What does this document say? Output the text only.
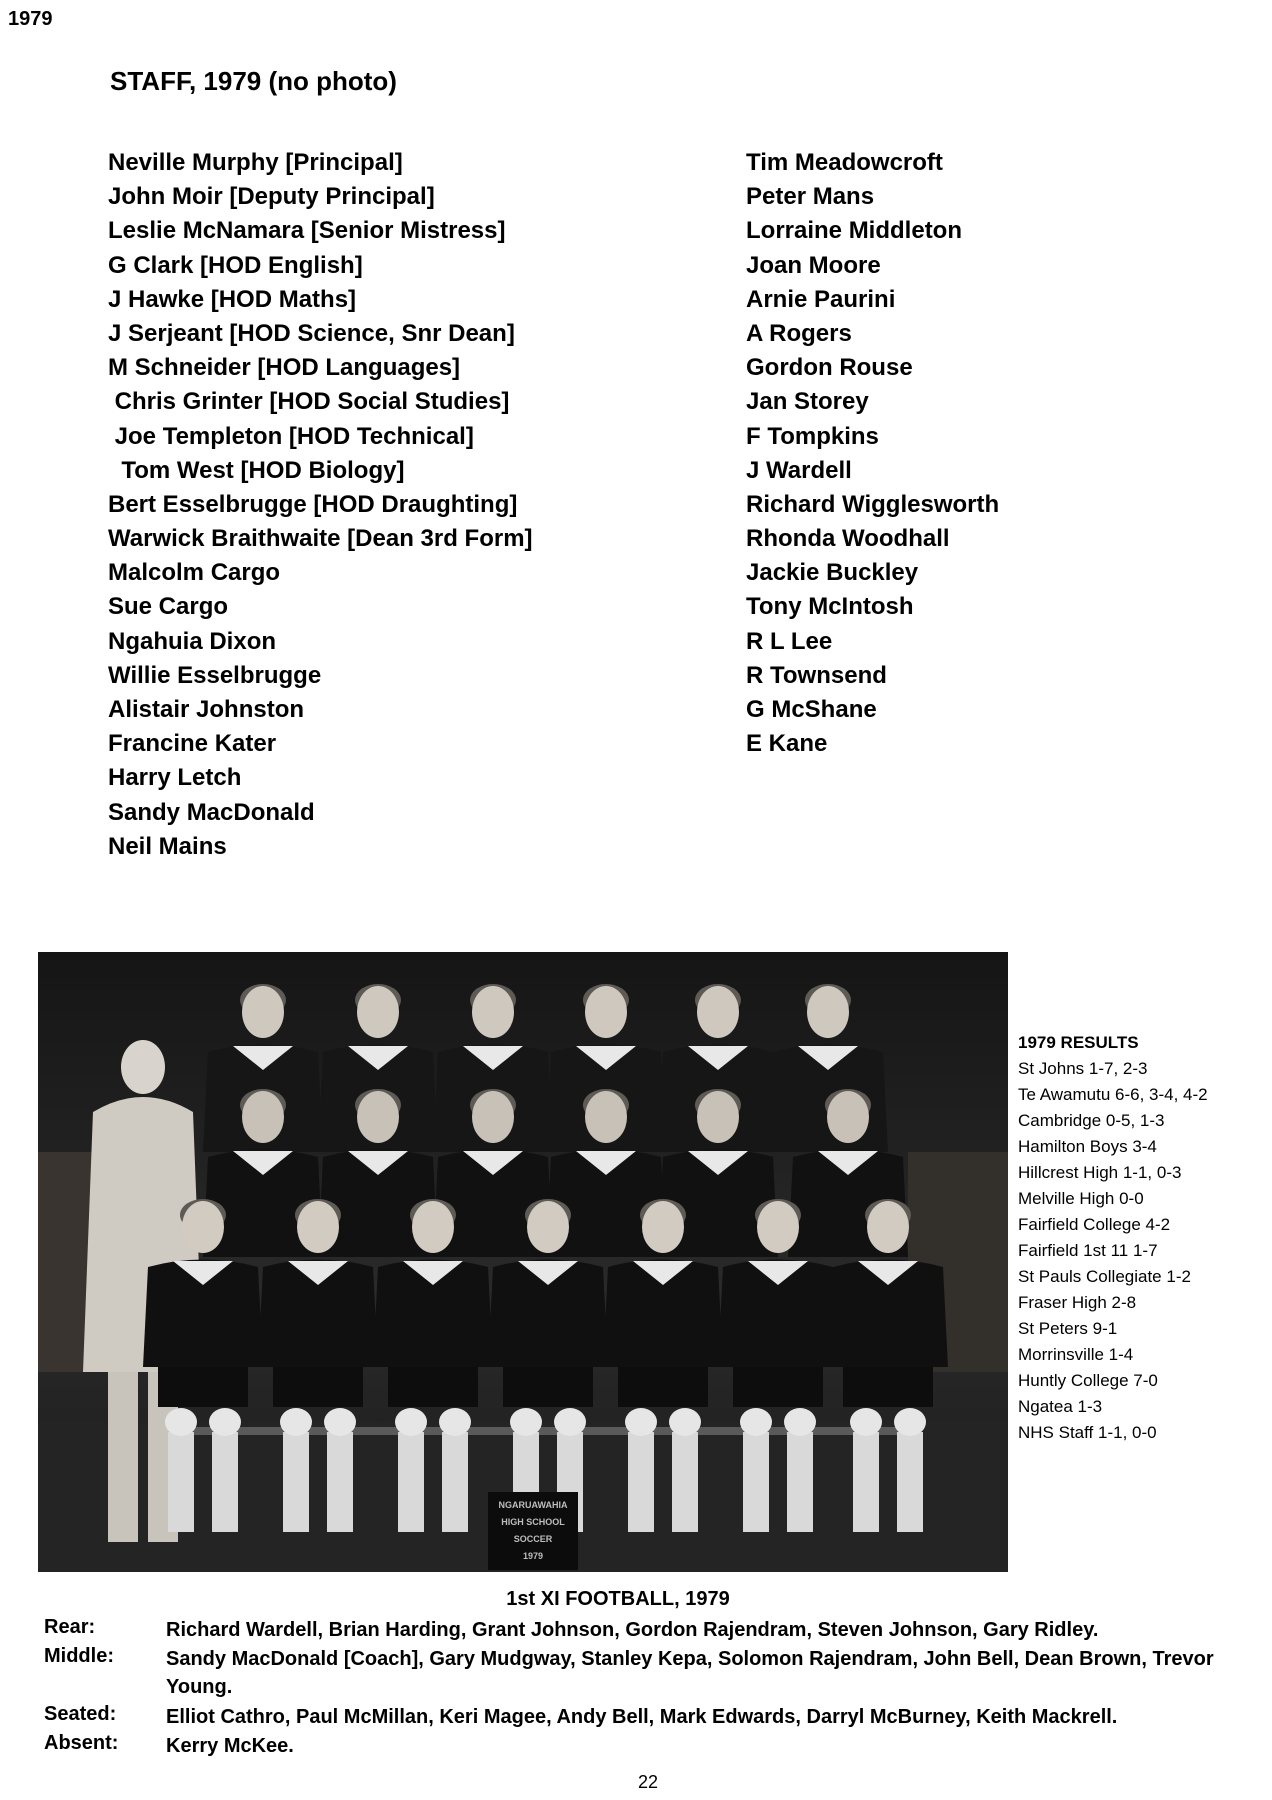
1979
STAFF, 1979 (no photo)
Neville Murphy [Principal]
John Moir [Deputy Principal]
Leslie McNamara [Senior Mistress]
G Clark [HOD English]
J Hawke [HOD Maths]
J Serjeant [HOD Science, Snr Dean]
M Schneider [HOD Languages]
Chris Grinter [HOD Social Studies]
Joe Templeton [HOD Technical]
Tom West [HOD Biology]
Bert Esselbrugge [HOD Draughting]
Warwick Braithwaite [Dean 3rd Form]
Malcolm Cargo
Sue Cargo
Ngahuia Dixon
Willie Esselbrugge
Alistair Johnston
Francine Kater
Harry Letch
Sandy MacDonald
Neil Mains
Tim Meadowcroft
Peter Mans
Lorraine Middleton
Joan Moore
Arnie Paurini
A Rogers
Gordon Rouse
Jan Storey
F Tompkins
J Wardell
Richard Wigglesworth
Rhonda Woodhall
Jackie Buckley
Tony McIntosh
R L Lee
R Townsend
G McShane
E Kane
NGARUAWAHIA HIGH SCHOOL SOCCER 1979
1979 RESULTS
St Johns 1-7, 2-3
Te Awamutu 6-6, 3-4, 4-2
Cambridge 0-5, 1-3
Hamilton Boys 3-4
Hillcrest High 1-1, 0-3
Melville High 0-0
Fairfield College 4-2
Fairfield 1st 11 1-7
St Pauls Collegiate 1-2
Fraser High 2-8
St Peters 9-1
Morrinsville 1-4
Huntly College 7-0
Ngatea 1-3
NHS Staff 1-1, 0-0
1st XI FOOTBALL, 1979
Rear:	Richard Wardell, Brian Harding, Grant Johnson, Gordon Rajendram, Steven Johnson, Gary Ridley.
Middle:	Sandy MacDonald [Coach], Gary Mudgway, Stanley Kepa, Solomon Rajendram, John Bell, Dean Brown, Trevor Young.
Seated: Elliot Cathro, Paul McMillan, Keri Magee, Andy Bell, Mark Edwards, Darryl McBurney, Keith Mackrell.
Absent: Kerry McKee.
22
